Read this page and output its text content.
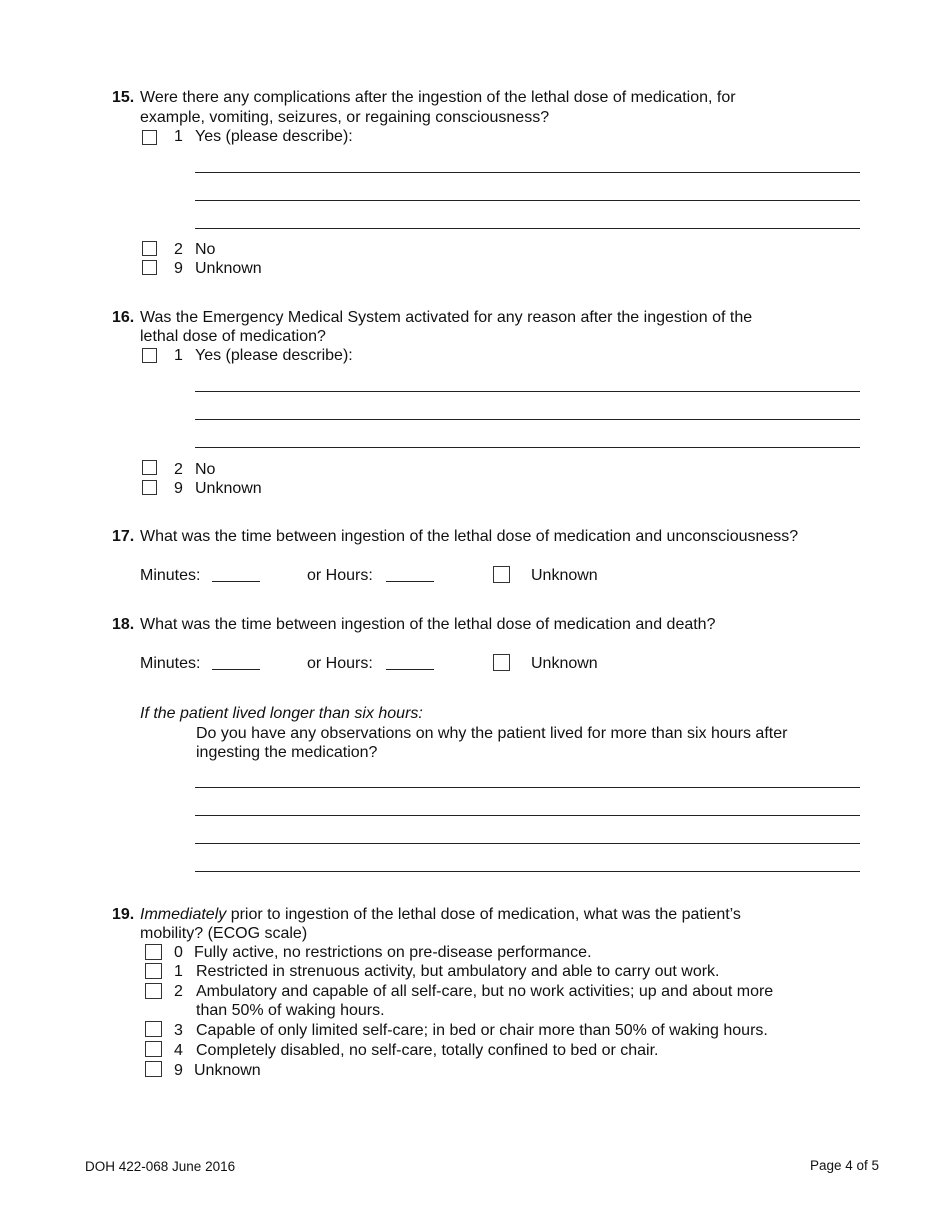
15. Were there any complications after the ingestion of the lethal dose of medication, for
example, vomiting, seizures, or regaining consciousness?
1 Yes (please describe):
2 No
9 Unknown
16. Was the Emergency Medical System activated for any reason after the ingestion of the
lethal dose of medication?
1 Yes (please describe):
2 No
9 Unknown
17. What was the time between ingestion of the lethal dose of medication and unconsciousness?
Minutes:	or Hours:	Unknown
18. What was the time between ingestion of the lethal dose of medication and death?
Minutes:	or Hours:	Unknown
If the patient lived longer than six hours:
Do you have any observations on why the patient lived for more than six hours after
ingesting the medication?
19. Immediately prior to ingestion of the lethal dose of medication, what was the patient’s
mobility? (ECOG scale)
0 Fully active, no restrictions on pre-disease performance.
1 Restricted in strenuous activity, but ambulatory and able to carry out work.
2 Ambulatory and capable of all self-care, but no work activities; up and about more
than 50% of waking hours.
3 Capable of only limited self-care; in bed or chair more than 50% of waking hours.
4 Completely disabled, no self-care, totally confined to bed or chair.
9 Unknown
DOH 422-068 June 2016	Page 4 of 5
